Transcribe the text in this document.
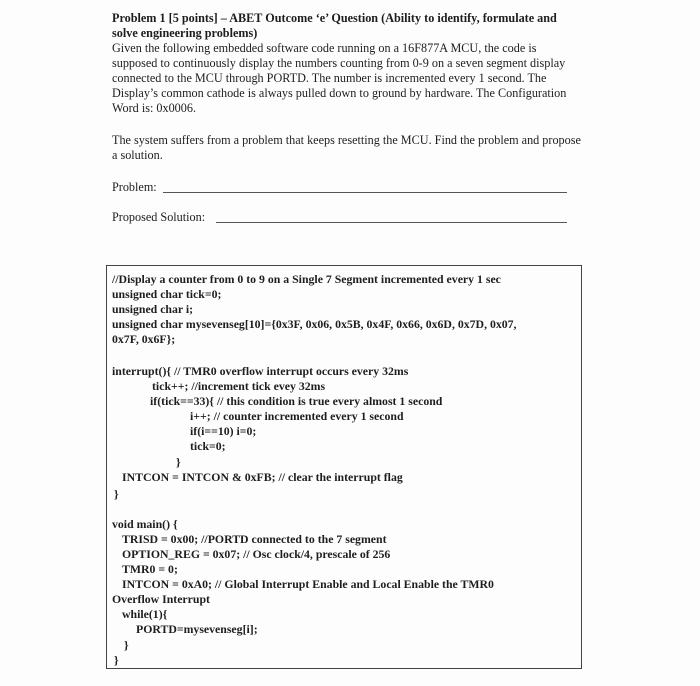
Problem 1 [5 points] – ABET Outcome ‘e’ Question (Ability to identify, formulate and solve engineering problems)
Given the following embedded software code running on a 16F877A MCU, the code is supposed to continuously display the numbers counting from 0-9 on a seven segment display connected to the MCU through PORTD. The number is incremented every 1 second. The Display’s common cathode is always pulled down to ground by hardware. The Configuration Word is: 0x0006.
The system suffers from a problem that keeps resetting the MCU. Find the problem and propose a solution.
Problem:
Proposed Solution:
//Display a counter from 0 to 9 on a Single 7 Segment incremented every 1 sec
unsigned char tick=0;
unsigned char i;
unsigned char mysevenseg[10]={0x3F, 0x06, 0x5B, 0x4F, 0x66, 0x6D, 0x7D, 0x07,
0x7F, 0x6F};
interrupt(){ // TMR0 overflow interrupt occurs every 32ms
tick++; //increment tick evey 32ms
if(tick==33){ // this condition is true every almost 1 second
i++; // counter incremented every 1 second
if(i==10) i=0;
tick=0;
}
INTCON = INTCON & 0xFB; // clear the interrupt flag
}
void main() {
TRISD = 0x00; //PORTD connected to the 7 segment
OPTION_REG = 0x07; // Osc clock/4, prescale of 256
TMR0 = 0;
INTCON = 0xA0; // Global Interrupt Enable and Local Enable the TMR0
Overflow Interrupt
while(1){
PORTD=mysevenseg[i];
}
}
